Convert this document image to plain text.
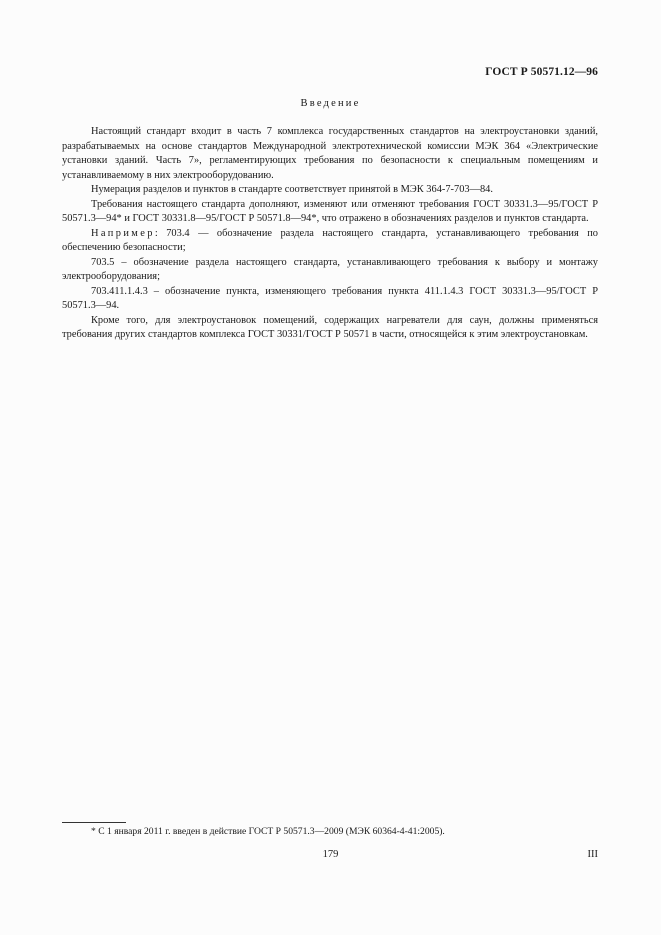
ГОСТ Р 50571.12—96
Введение

Настоящий стандарт входит в часть 7 комплекса государственных стандартов на электроустановки зданий, разрабатываемых на основе стандартов Международной электротехнической комиссии МЭК 364 «Электрические установки зданий. Часть 7», регламентирующих требования по безопасности к специальным помещениям и устанавливаемому в них электрооборудованию.

Нумерация разделов и пунктов в стандарте соответствует принятой в МЭК 364-7-703—84.

Требования настоящего стандарта дополняют, изменяют или отменяют требования ГОСТ 30331.3—95/ГОСТ Р 50571.3—94* и ГОСТ 30331.8—95/ГОСТ Р 50571.8—94*, что отражено в обозначениях разделов и пунктов стандарта.

Например: 703.4 — обозначение раздела настоящего стандарта, устанавливающего требования по обеспечению безопасности;

703.5 – обозначение раздела настоящего стандарта, устанавливающего требования к выбору и монтажу электрооборудования;

703.411.1.4.3 – обозначение пункта, изменяющего требования пункта 411.1.4.3 ГОСТ 30331.3—95/ГОСТ Р 50571.3—94.

Кроме того, для электроустановок помещений, содержащих нагреватели для саун, должны применяться требования других стандартов комплекса ГОСТ 30331/ГОСТ Р 50571 в части, относящейся к этим электроустановкам.

* С 1 января 2011 г. введен в действие ГОСТ Р 50571.3—2009 (МЭК 60364-4-41:2005).
179	III
